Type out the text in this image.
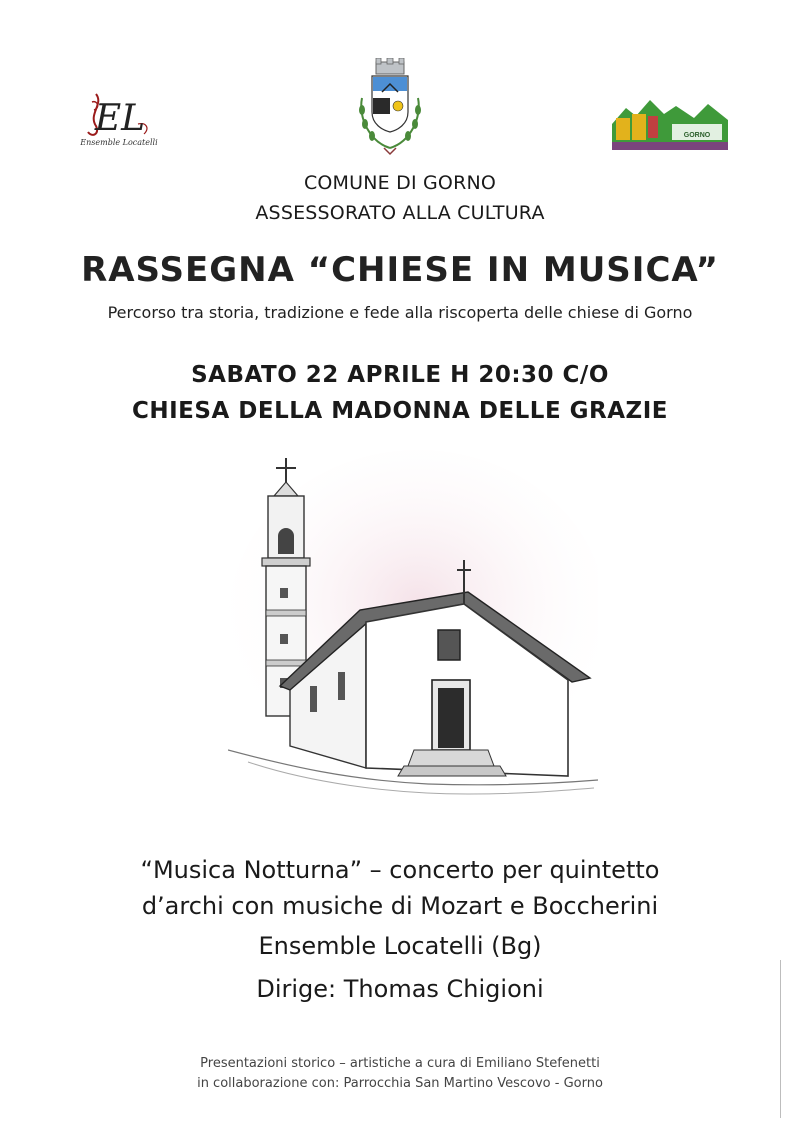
EL
Ensemble Locatelli
GORNO
COMUNE DI GORNO
ASSESSORATO ALLA CULTURA
RASSEGNA “CHIESE IN MUSICA”
Percorso tra storia, tradizione e fede alla riscoperta delle chiese di Gorno
SABATO 22 APRILE H 20:30 C/O
CHIESA DELLA MADONNA DELLE GRAZIE
“Musica Notturna” – concerto per quintetto
d’archi con musiche di Mozart e Boccherini
Ensemble Locatelli (Bg)
Dirige: Thomas Chigioni
Presentazioni storico – artistiche a cura di Emiliano Stefenetti
in collaborazione con: Parrocchia San Martino Vescovo - Gorno
